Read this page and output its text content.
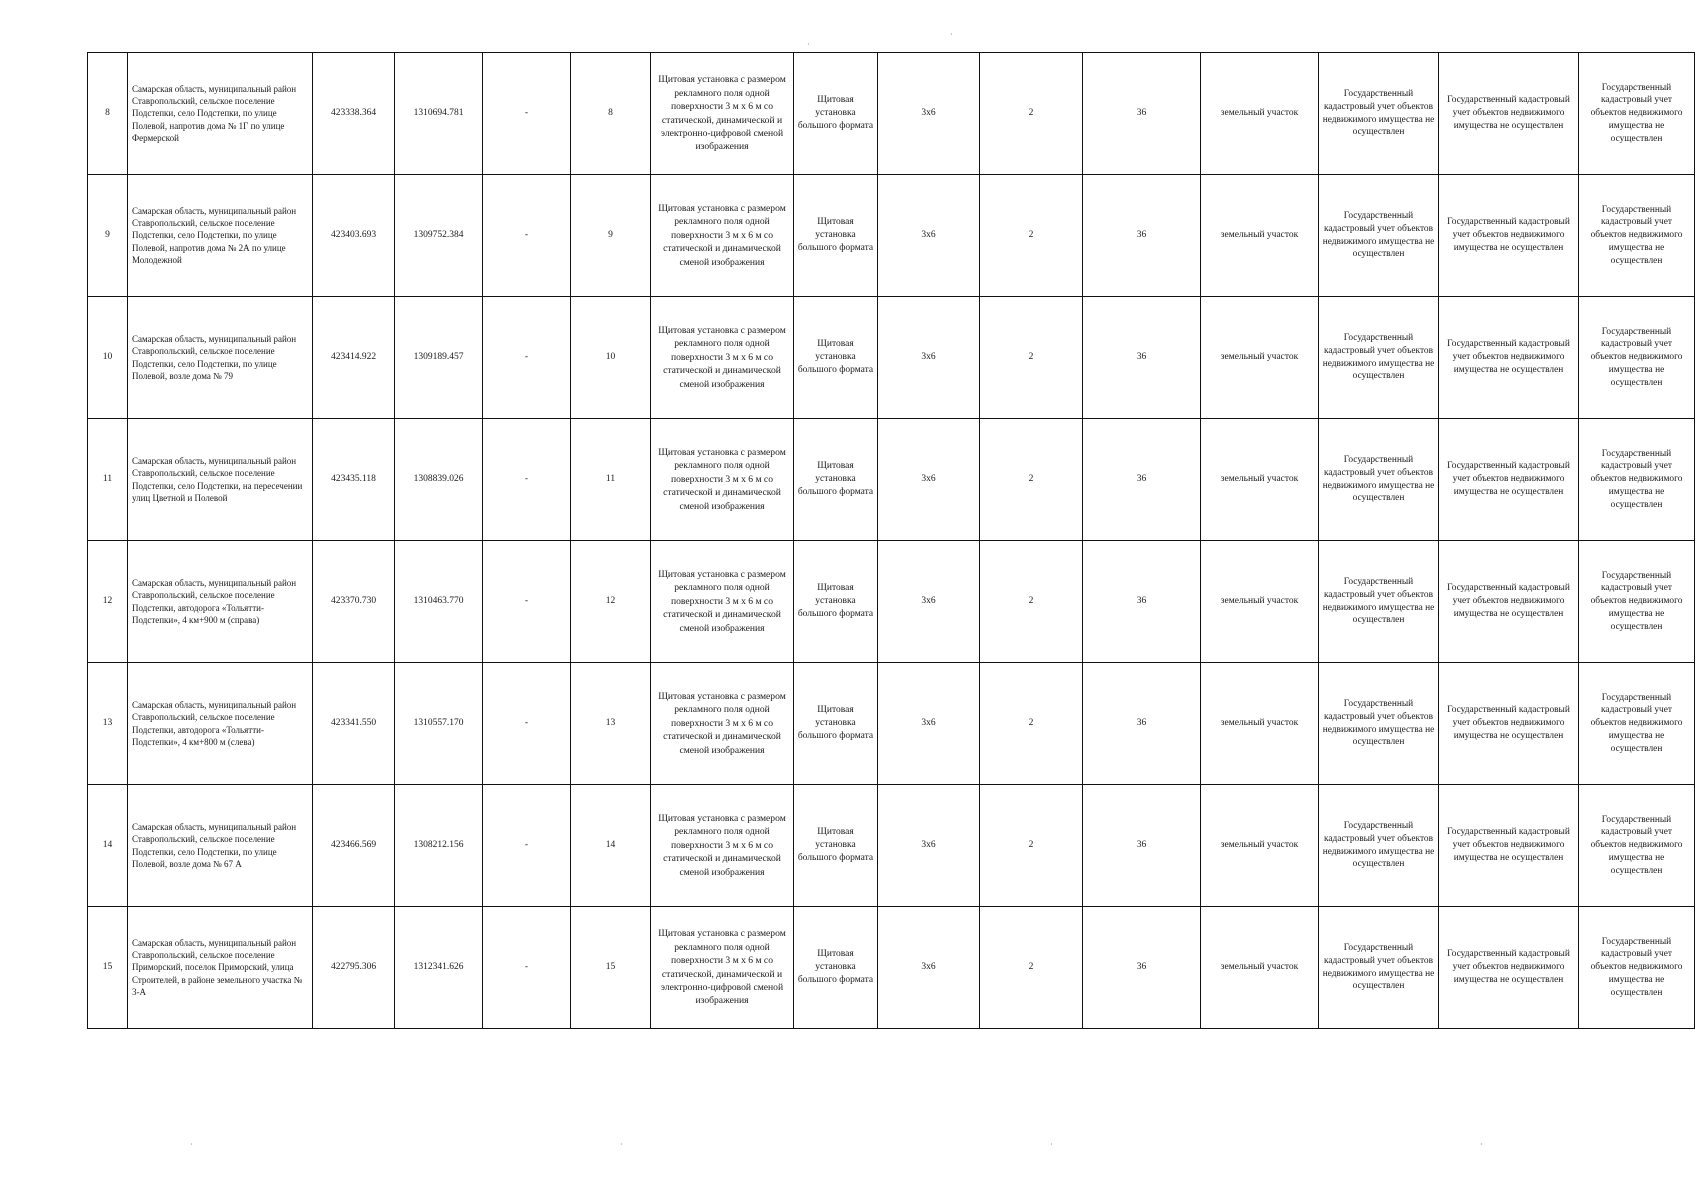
8	Самарская область, муниципальный район Ставропольский, сельское поселение Подстепки, село Подстепки, по улице Полевой, напротив дома № 1Г по улице Фермерской	423338.364	1310694.781	-	8	Щитовая установка с размером рекламного поля одной поверхности 3 м х 6 м со статической, динамической и электронно-цифровой сменой изображения	Щитовая установка большого формата	3х6	2	36	земельный участок	Государственный кадастровый учет объектов недвижимого имущества не осуществлен	Государственный кадастровый учет объектов недвижимого имущества не осуществлен	Государственный кадастровый учет объектов недвижимого имущества не осуществлен
9	Самарская область, муниципальный район Ставропольский, сельское поселение Подстепки, село Подстепки, по улице Полевой, напротив дома № 2А по улице Молодежной	423403.693	1309752.384	-	9	Щитовая установка с размером рекламного поля одной поверхности 3 м х 6 м со статической и динамической сменой изображения	Щитовая установка большого формата	3х6	2	36	земельный участок	Государственный кадастровый учет объектов недвижимого имущества не осуществлен	Государственный кадастровый учет объектов недвижимого имущества не осуществлен	Государственный кадастровый учет объектов недвижимого имущества не осуществлен
10	Самарская область, муниципальный район Ставропольский, сельское поселение Подстепки, село Подстепки, по улице Полевой, возле дома № 79	423414.922	1309189.457	-	10	Щитовая установка с размером рекламного поля одной поверхности 3 м х 6 м со статической и динамической сменой изображения	Щитовая установка большого формата	3х6	2	36	земельный участок	Государственный кадастровый учет объектов недвижимого имущества не осуществлен	Государственный кадастровый учет объектов недвижимого имущества не осуществлен	Государственный кадастровый учет объектов недвижимого имущества не осуществлен
11	Самарская область, муниципальный район Ставропольский, сельское поселение Подстепки, село Подстепки, на пересечении улиц Цветной и Полевой	423435.118	1308839.026	-	11	Щитовая установка с размером рекламного поля одной поверхности 3 м х 6 м со статической и динамической сменой изображения	Щитовая установка большого формата	3х6	2	36	земельный участок	Государственный кадастровый учет объектов недвижимого имущества не осуществлен	Государственный кадастровый учет объектов недвижимого имущества не осуществлен	Государственный кадастровый учет объектов недвижимого имущества не осуществлен
12	Самарская область, муниципальный район Ставропольский, сельское поселение Подстепки, автодорога «Тольятти-Подстепки», 4 км+900 м (справа)	423370.730	1310463.770	-	12	Щитовая установка с размером рекламного поля одной поверхности 3 м х 6 м со статической и динамической сменой изображения	Щитовая установка большого формата	3х6	2	36	земельный участок	Государственный кадастровый учет объектов недвижимого имущества не осуществлен	Государственный кадастровый учет объектов недвижимого имущества не осуществлен	Государственный кадастровый учет объектов недвижимого имущества не осуществлен
13	Самарская область, муниципальный район Ставропольский, сельское поселение Подстепки, автодорога «Тольятти-Подстепки», 4 км+800 м (слева)	423341.550	1310557.170	-	13	Щитовая установка с размером рекламного поля одной поверхности 3 м х 6 м со статической и динамической сменой изображения	Щитовая установка большого формата	3х6	2	36	земельный участок	Государственный кадастровый учет объектов недвижимого имущества не осуществлен	Государственный кадастровый учет объектов недвижимого имущества не осуществлен	Государственный кадастровый учет объектов недвижимого имущества не осуществлен
14	Самарская область, муниципальный район Ставропольский, сельское поселение Подстепки, село Подстепки, по улице Полевой, возле дома № 67 А	423466.569	1308212.156	-	14	Щитовая установка с размером рекламного поля одной поверхности 3 м х 6 м со статической и динамической сменой изображения	Щитовая установка большого формата	3х6	2	36	земельный участок	Государственный кадастровый учет объектов недвижимого имущества не осуществлен	Государственный кадастровый учет объектов недвижимого имущества не осуществлен	Государственный кадастровый учет объектов недвижимого имущества не осуществлен
15	Самарская область, муниципальный район Ставропольский, сельское поселение Приморский, поселок Приморский, улица Строителей, в районе земельного участка № 3-А	422795.306	1312341.626	-	15	Щитовая установка с размером рекламного поля одной поверхности 3 м х 6 м со статической, динамической и электронно-цифровой сменой изображения	Щитовая установка большого формата	3х6	2	36	земельный участок	Государственный кадастровый учет объектов недвижимого имущества не осуществлен	Государственный кадастровый учет объектов недвижимого имущества не осуществлен	Государственный кадастровый учет объектов недвижимого имущества не осуществлен
·
·
·	·	·	·
